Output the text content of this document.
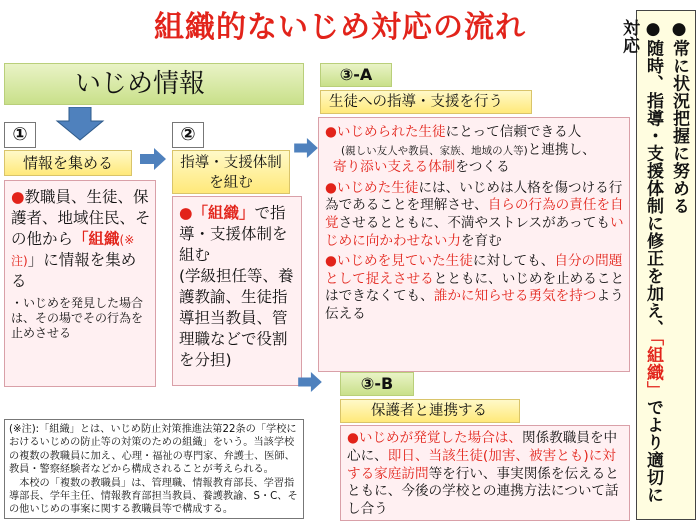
組織的ないじめ対応の流れ
いじめ情報
①
情報を集める
●教職員、生徒、保護者、地域住民、その他から「組織(※注)」に情報を集める
・いじめを発見した場合は、その場でその行為を止めさせる
②
指導・支援体制を組む
●「組織」で指導・支援体制を組む
(学級担任等、養護教諭、生徒指導担当教員、管理職などで役割を分担)
③-A
生徒への指導・支援を行う
●いじめられた生徒にとって信頼できる人
(親しい友人や教員、家族、地域の人等)と連携し、
寄り添い支える体制をつくる
●いじめた生徒には、いじめは人格を傷つける行為であることを理解させ、自らの行為の責任を自覚させるとともに、不満やストレスがあってもいじめに向かわせない力を育む
●いじめを見ていた生徒に対しても、自分の問題として捉えさせるとともに、いじめを止めることはできなくても、誰かに知らせる勇気を持つよう伝える
③-B
保護者と連携する
●いじめが発覚した場合は、関係教職員を中心に、即日、当該生徒(加害、被害とも)に対する家庭訪問等を行い、事実関係を伝えるとともに、今後の学校との連携方法について話し合う
(※注):「組織」とは、いじめ防止対策推進法第22条の「学校におけるいじめの防止等の対策のための組織」をいう。当該学校の複数の教職員に加え、心理・福祉の専門家、弁護士、医師、教員・警察経験者などから構成されることが考えられる。
本校の「複数の教職員」は、管理職、情報教育部長、学習指導部長、学年主任、情報教育部担当教員、養護教諭、S・C、その他いじめの事案に関する教職員等で構成する。
●常に状況把握に努める
●随時、指導・支援体制に修正を加え、「組織」でより適切に対応
